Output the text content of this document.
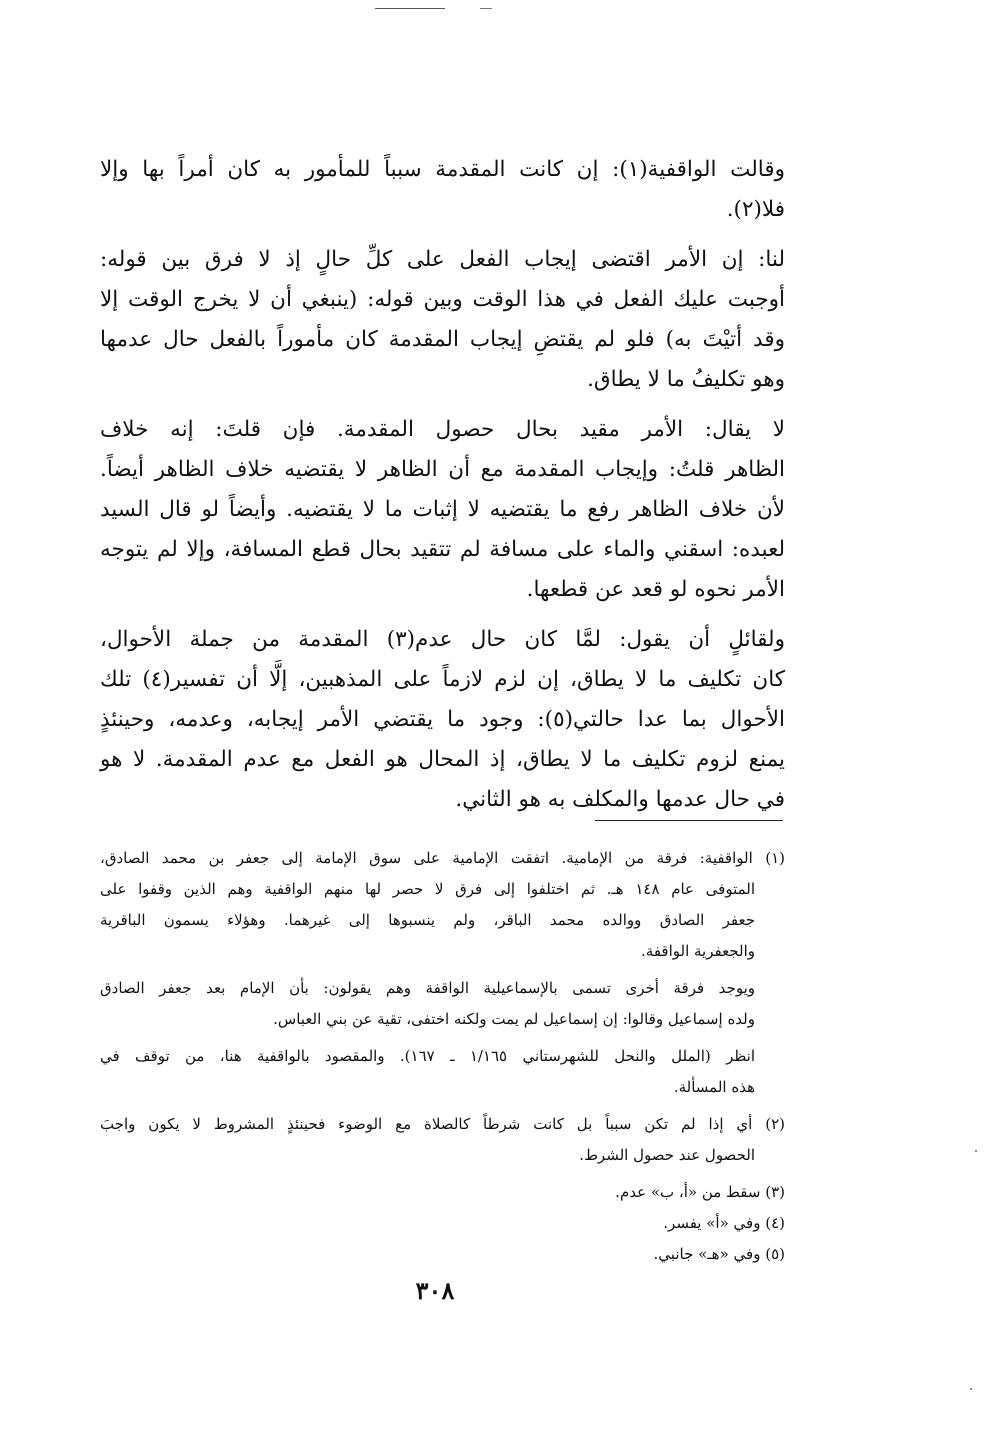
وقالت الواقفية(١): إن كانت المقدمة سبباً للمأمور به كان أمراً بها وإلا
فلا(٢).

لنا: إن الأمر اقتضى إيجاب الفعل على كلِّ حالٍ إذ لا فرق بين قوله:
أوجبت عليك الفعل في هذا الوقت وبين قوله: (ينبغي أن لا يخرج الوقت إلا
وقد أتيْتَ به) فلو لم يقتضِ إيجاب المقدمة كان مأموراً بالفعل حال عدمها
وهو تكليفُ ما لا يطاق.

لا يقال: الأمر مقيد بحال حصول المقدمة. فإن قلتَ: إنه خلاف
الظاهر قلتُ: وإيجاب المقدمة مع أن الظاهر لا يقتضيه خلاف الظاهر أيضاً.
لأن خلاف الظاهر رفع ما يقتضيه لا إثبات ما لا يقتضيه. وأيضاً لو قال السيد
لعبده: اسقني والماء على مسافة لم تتقيد بحال قطع المسافة، وإلا لم يتوجه
الأمر نحوه لو قعد عن قطعها.

ولقائلٍ أن يقول: لمَّا كان حال عدم(٣) المقدمة من جملة الأحوال،
كان تكليف ما لا يطاق، إن لزم لازماً على المذهبين، إلَّا أن تفسير(٤) تلك
الأحوال بما عدا حالتي(٥): وجود ما يقتضي الأمر إيجابه، وعدمه، وحينئذٍ
يمنع لزوم تكليف ما لا يطاق، إذ المحال هو الفعل مع عدم المقدمة. لا هو
في حال عدمها والمكلف به هو الثاني.

(١) الواقفية: فرقة من الإمامية. اتفقت الإمامية على سوق الإمامة إلى جعفر بن محمد الصادق،
المتوفى عام ١٤٨ هـ. ثم اختلفوا إلى فرق لا حصر لها منهم الواقفية وهم الذين وقفوا على
جعفر الصادق ووالده محمد الباقر، ولم ينسبوها إلى غيرهما. وهؤلاء يسمون الباقرية
والجعفرية الواقفة.

ويوجد فرقة أخرى تسمى بالإسماعيلية الواقفة وهم يقولون: بأن الإمام بعد جعفر الصادق
ولده إسماعيل وقالوا: إن إسماعيل لم يمت ولكنه اختفى، تقية عن بني العباس.

انظر (الملل والنحل للشهرستاني ١/١٦٥ ـ ١٦٧). والمقصود بالواقفية هنا، من توقف في
هذه المسألة.

(٢) أي إذا لم تكن سبباً بل كانت شرطاً كالصلاة مع الوضوء فحينئذٍ المشروط لا يكون واجبَ
الحصول عند حصول الشرط.

(٣) سقط من «أ، ب» عدم.

(٤) وفي «أ» يفسر.

(٥) وفي «هـ» جانبي.

٣٠٨
